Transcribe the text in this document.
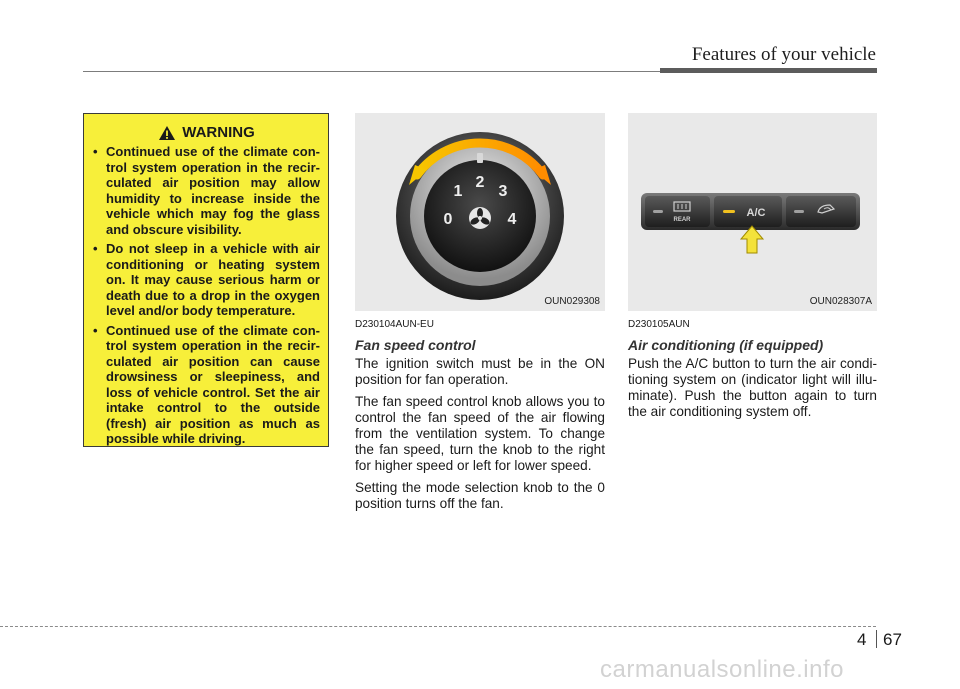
Features of your vehicle
WARNING
• Continued use of the climate con-trol system operation in the recir-culated air position may allow humidity to increase inside the vehicle which may fog the glass and obscure visibility.
• Do not sleep in a vehicle with air conditioning or heating system on. It may cause serious harm or death due to a drop in the oxygen level and/or body temperature.
• Continued use of the climate con-trol system operation in the recir-culated air position can cause drowsiness or sleepiness, and loss of vehicle control. Set the air intake control to the outside (fresh) air position as much as possible while driving.
0
1
2
3
4
OUN029308
REAR
A/C
OUN028307A

D230104AUN-EU

Fan speed control

The ignition switch must be in the ON position for fan operation.

The fan speed control knob allows you to control the fan speed of the air flowing from the ventilation system. To change the fan speed, turn the knob to the right for higher speed or left for lower speed.

Setting the mode selection knob to the 0 position turns off the fan.

D230105AUN

Air conditioning (if equipped)

Push the A/C button to turn the air condi-tioning system on (indicator light will illu-minate). Push the button again to turn the air conditioning system off.

4 67
carmanualsonline.info
